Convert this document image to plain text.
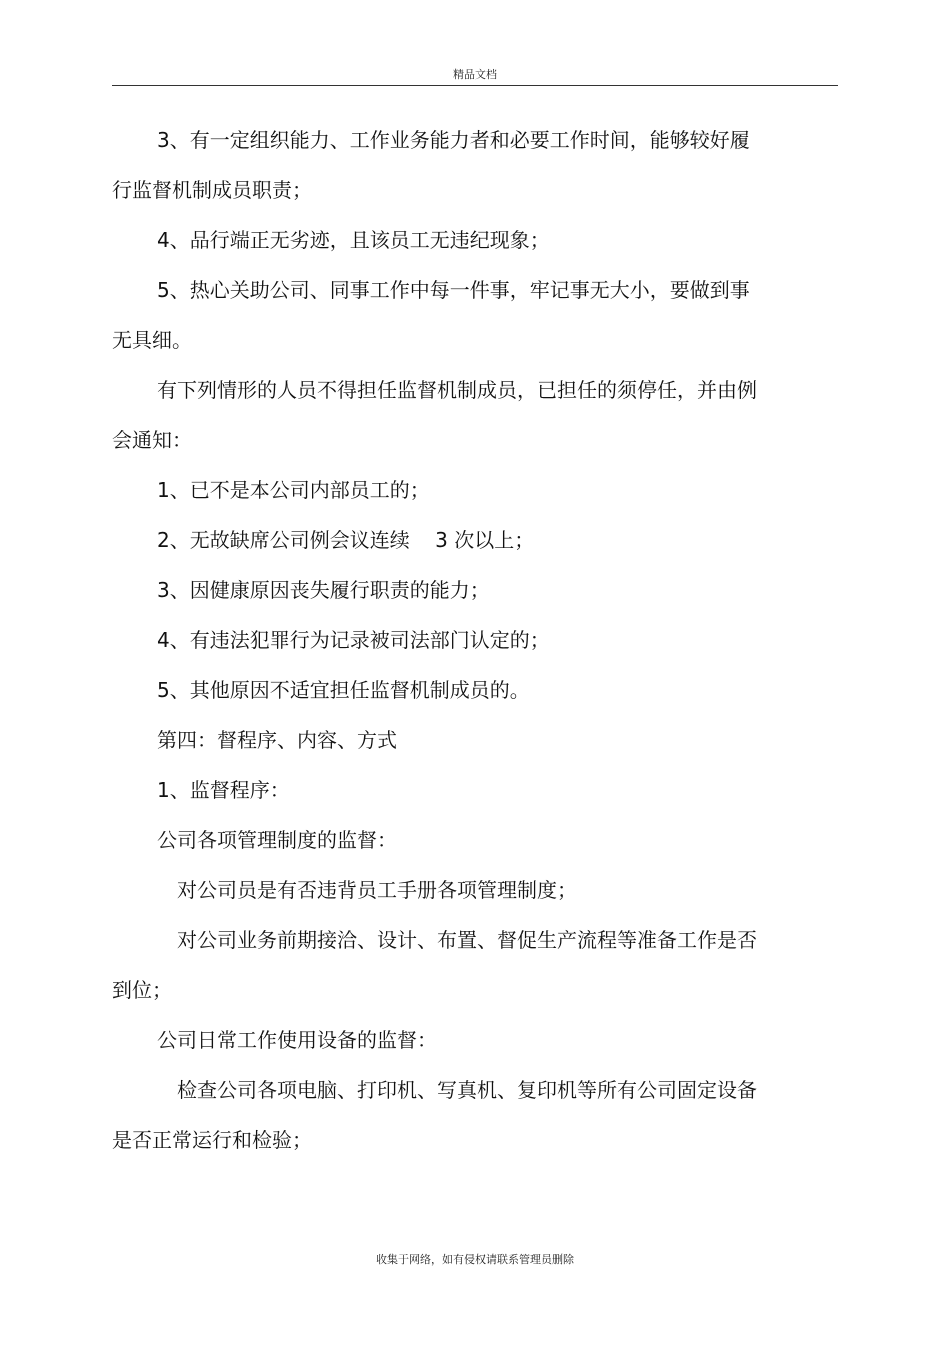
精品文档
3、有一定组织能力、工作业务能力者和必要工作时间，能够较好履
行监督机制成员职责；
4、品行端正无劣迹，且该员工无违纪现象；
5、热心关助公司、同事工作中每一件事，牢记事无大小，要做到事
无具细。
有下列情形的人员不得担任监督机制成员，已担任的须停任，并由例
会通知：
1、已不是本公司内部员工的；
2、无故缺席公司例会议连续    3 次以上；
3、因健康原因丧失履行职责的能力；
4、有违法犯罪行为记录被司法部门认定的；
5、其他原因不适宜担任监督机制成员的。
第四：督程序、内容、方式
1、监督程序：
公司各项管理制度的监督：
对公司员是有否违背员工手册各项管理制度；
对公司业务前期接洽、设计、布置、督促生产流程等准备工作是否
到位；
公司日常工作使用设备的监督：
检查公司各项电脑、打印机、写真机、复印机等所有公司固定设备
是否正常运行和检验；
收集于网络，如有侵权请联系管理员删除
